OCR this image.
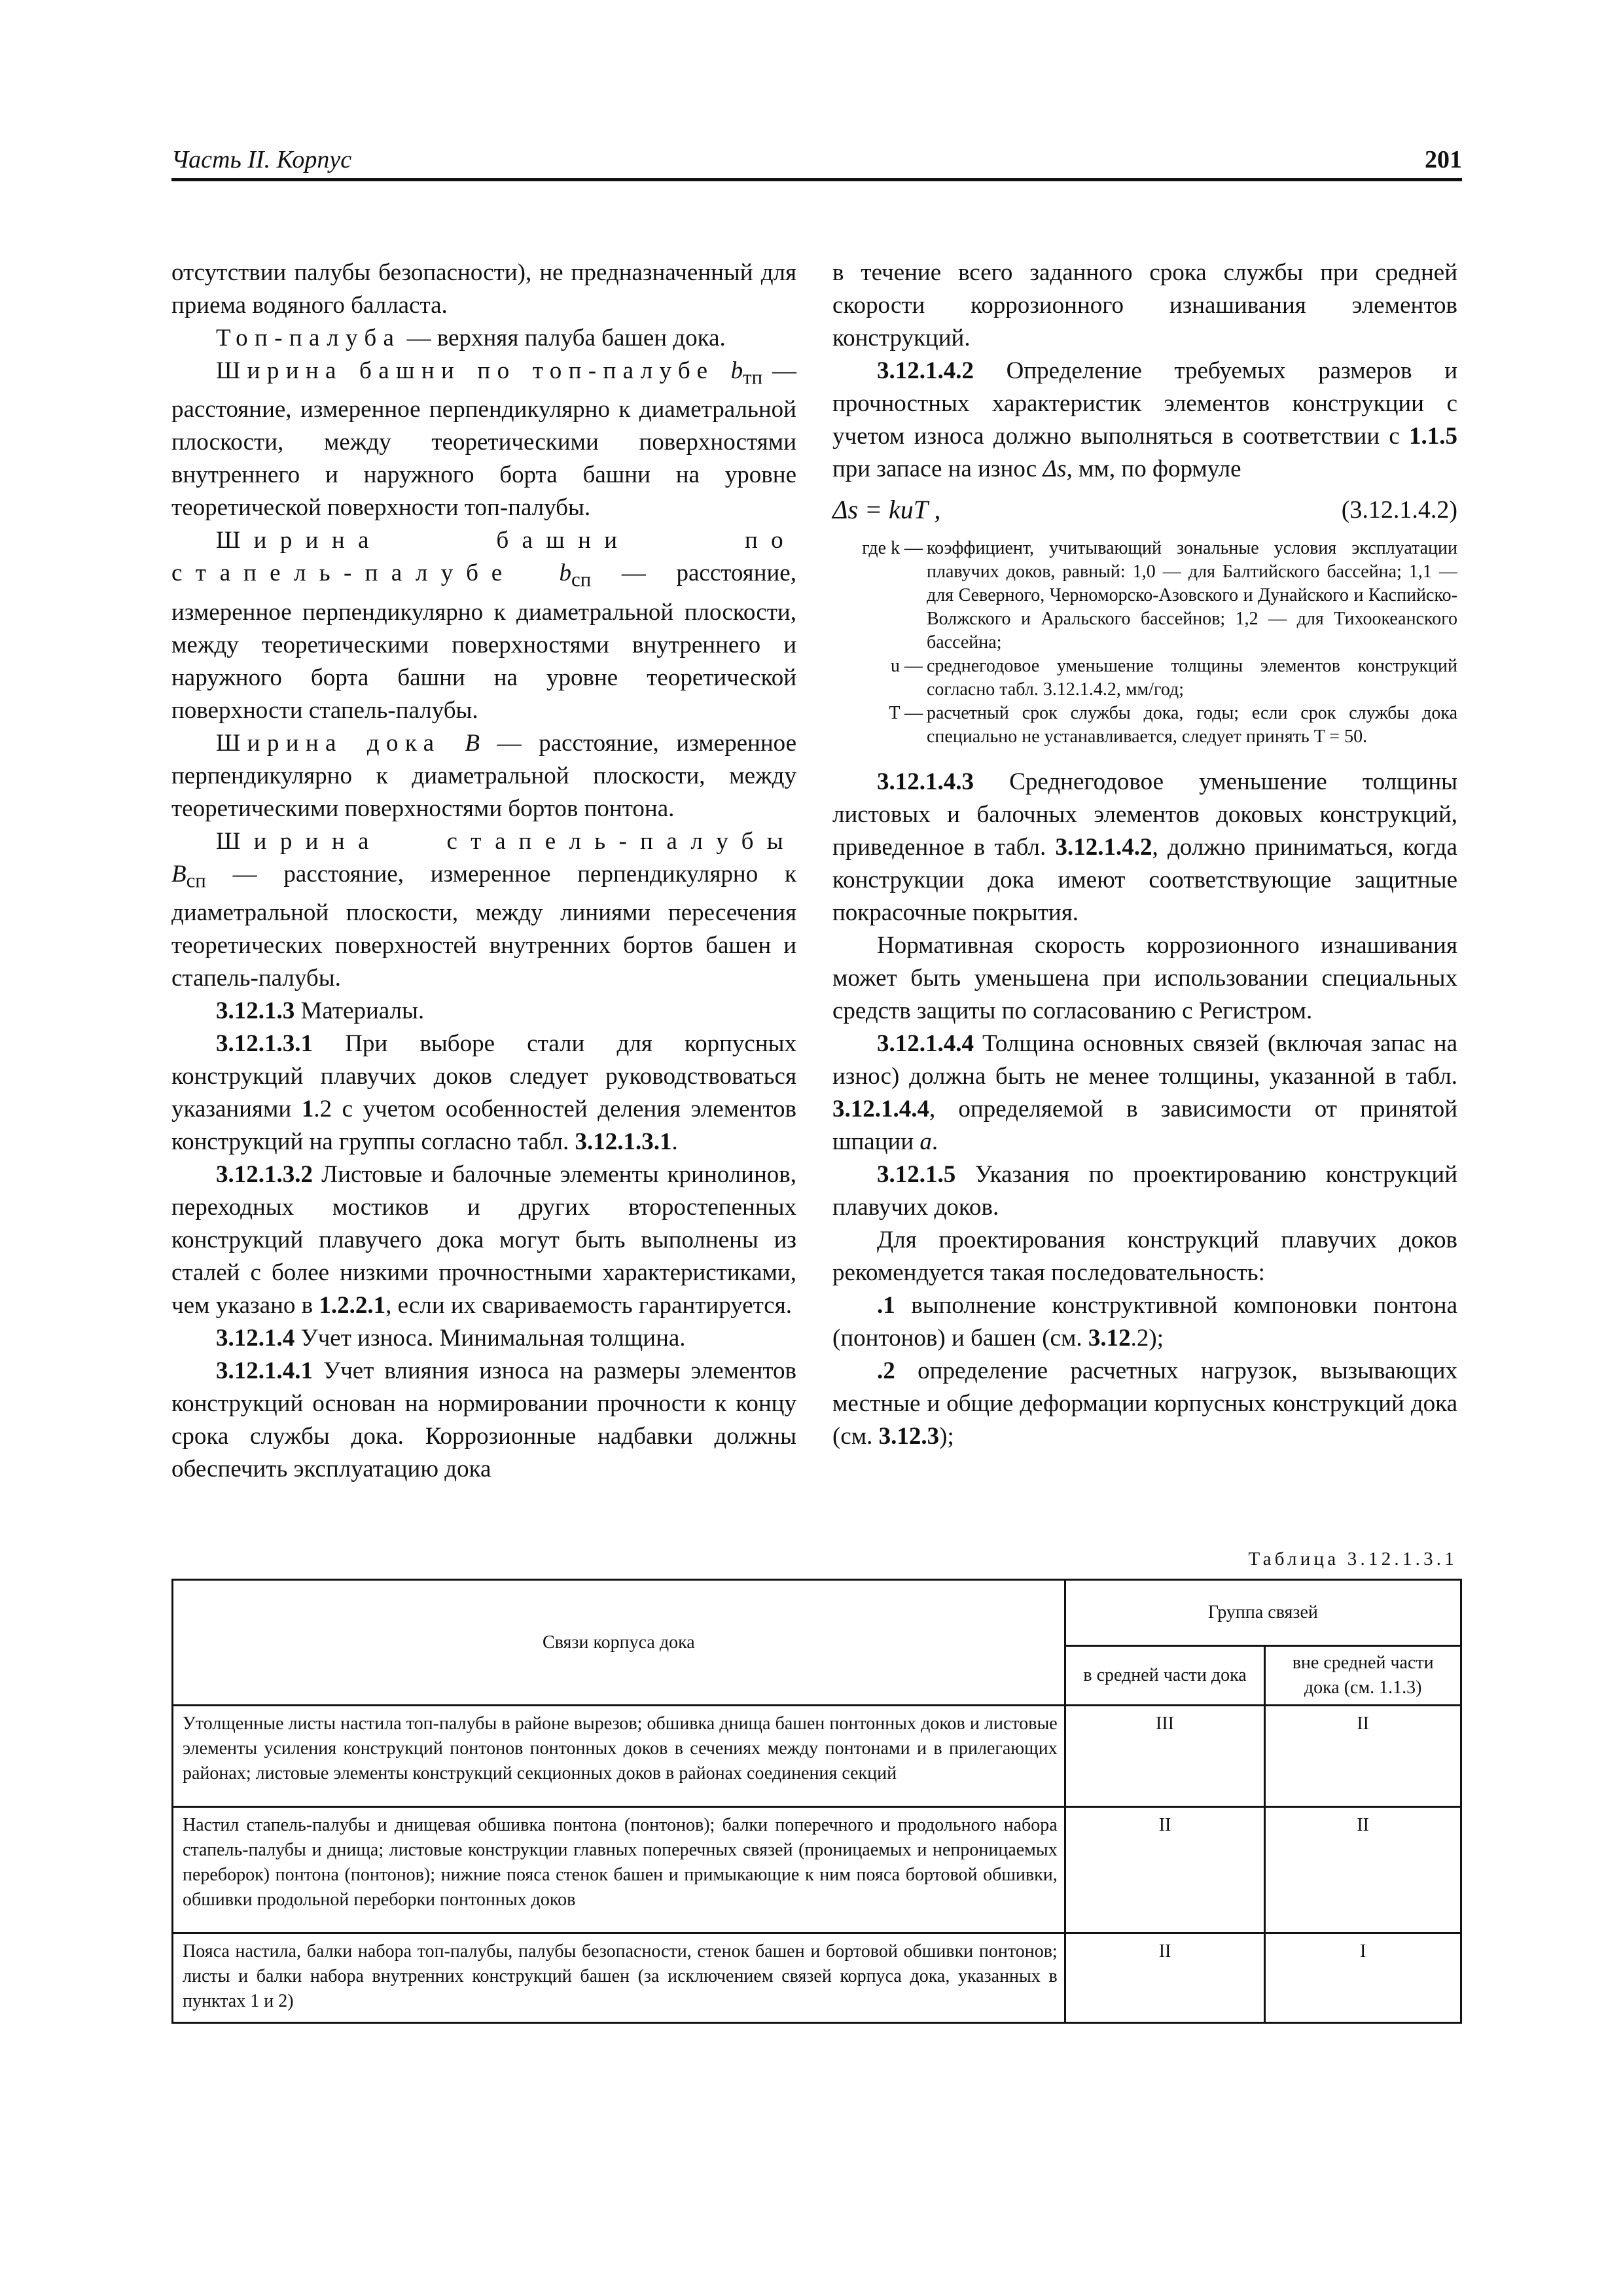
Часть II. Корпус	201

отсутствии палубы безопасности), не предназначенный для приема водяного балласта.

Топ-палуба — верхняя палуба башен дока.

Ширина башни по топ-палубе $b_{тп}$ — расстояние, измеренное перпендикулярно к диаметральной плоскости, между теоретическими поверхностями внутреннего и наружного борта башни на уровне теоретической поверхности топ-палубы.

Ширина башни по стапель-палубе $b_{сп}$ — расстояние, измеренное перпендикулярно к диаметральной плоскости, между теоретическими поверхностями внутреннего и наружного борта башни на уровне теоретической поверхности стапель-палубы.

Ширина дока B — расстояние, измеренное перпендикулярно к диаметральной плоскости, между теоретическими поверхностями бортов понтона.

Ширина стапель-палубы $B_{сп}$ — расстояние, измеренное перпендикулярно к диаметральной плоскости, между линиями пересечения теоретических поверхностей внутренних бортов башен и стапель-палубы.

3.12.1.3 Материалы.

3.12.1.3.1 При выборе стали для корпусных конструкций плавучих доков следует руководствоваться указаниями 1.2 с учетом особенностей деления элементов конструкций на группы согласно табл. 3.12.1.3.1.

3.12.1.3.2 Листовые и балочные элементы кринолинов, переходных мостиков и других второстепенных конструкций плавучего дока могут быть выполнены из сталей с более низкими прочностными характеристиками, чем указано в 1.2.2.1, если их свариваемость гарантируется.

3.12.1.4 Учет износа. Минимальная толщина.

3.12.1.4.1 Учет влияния износа на размеры элементов конструкций основан на нормировании прочности к концу срока службы дока. Коррозионные надбавки должны обеспечить эксплуатацию дока

в течение всего заданного срока службы при средней скорости коррозионного изнашивания элементов конструкций.

3.12.1.4.2 Определение требуемых размеров и прочностных характеристик элементов конструкции с учетом износа должно выполняться в соответствии с 1.1.5 при запасе на износ Δs, мм, по формуле

Δs = kuT ,	(3.12.1.4.2)
где k — коэффициент, учитывающий зональные условия эксплуатации плавучих доков, равный: 1,0 — для Балтийского бассейна; 1,1 — для Северного, Черноморско-Азовского и Дунайского и Каспийско-Волжского и Аральского бассейнов; 1,2 — для Тихоокеанского бассейна;
u — среднегодовое уменьшение толщины элементов конструкций согласно табл. 3.12.1.4.2, мм/год;
T — расчетный срок службы дока, годы; если срок службы дока специально не устанавливается, следует принять T = 50.

3.12.1.4.3 Среднегодовое уменьшение толщины листовых и балочных элементов доковых конструкций, приведенное в табл. 3.12.1.4.2, должно приниматься, когда конструкции дока имеют соответствующие защитные покрасочные покрытия.

Нормативная скорость коррозионного изнашивания может быть уменьшена при использовании специальных средств защиты по согласованию с Регистром.

3.12.1.4.4 Толщина основных связей (включая запас на износ) должна быть не менее толщины, указанной в табл. 3.12.1.4.4, определяемой в зависимости от принятой шпации a.

3.12.1.5 Указания по проектированию конструкций плавучих доков.

Для проектирования конструкций плавучих доков рекомендуется такая последовательность:

.1 выполнение конструктивной компоновки понтона (понтонов) и башен (см. 3.12.2);

.2 определение расчетных нагрузок, вызывающих местные и общие деформации корпусных конструкций дока (см. 3.12.3);

Таблица 3.12.1.3.1
Связи корпуса дока	Группа связей	
	в средней части дока	вне средней части дока (см. 1.1.3)
Утолщенные листы настила топ-палубы в районе вырезов; обшивка днища башен понтонных доков и листовые элементы усиления конструкций понтонов понтонных доков в сечениях между понтонами и в прилегающих районах; листовые элементы конструкций секционных доков в районах соединения секций	III	II
Настил стапель-палубы и днищевая обшивка понтона (понтонов); балки поперечного и продольного набора стапель-палубы и днища; листовые конструкции главных поперечных связей (проницаемых и непроницаемых переборок) понтона (понтонов); нижние пояса стенок башен и примыкающие к ним пояса бортовой обшивки, обшивки продольной переборки понтонных доков	II	II
Пояса настила, балки набора топ-палубы, палубы безопасности, стенок башен и бортовой обшивки понтонов; листы и балки набора внутренних конструкций башен (за исключением связей корпуса дока, указанных в пунктах 1 и 2)	II	I
